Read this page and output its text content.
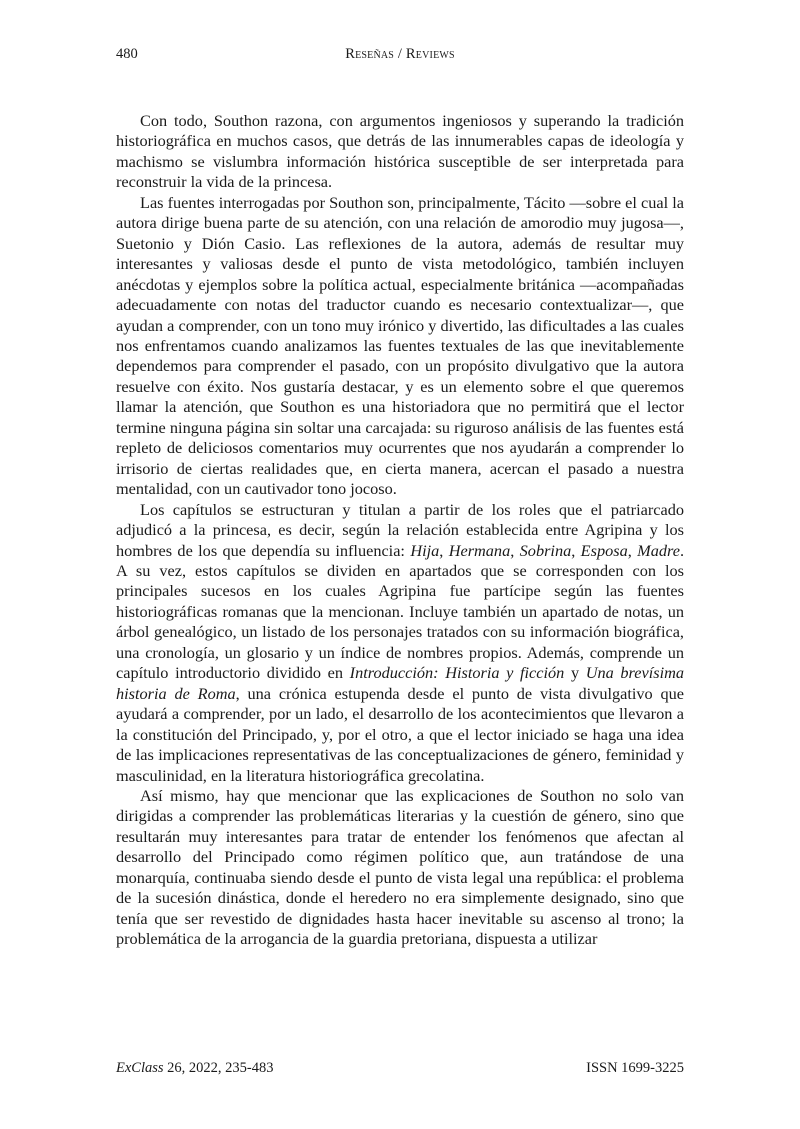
480	Reseñas / Reviews

Con todo, Southon razona, con argumentos ingeniosos y superando la tradición historiográfica en muchos casos, que detrás de las innumerables capas de ideología y machismo se vislumbra información histórica susceptible de ser interpretada para reconstruir la vida de la princesa.

Las fuentes interrogadas por Southon son, principalmente, Tácito —sobre el cual la autora dirige buena parte de su atención, con una relación de amorodio muy jugosa—, Suetonio y Dión Casio. Las reflexiones de la autora, además de resultar muy interesantes y valiosas desde el punto de vista metodológico, también incluyen anécdotas y ejemplos sobre la política actual, especialmente británica —acompañadas adecuadamente con notas del traductor cuando es necesario contextualizar—, que ayudan a comprender, con un tono muy irónico y divertido, las dificultades a las cuales nos enfrentamos cuando analizamos las fuentes textuales de las que inevitablemente dependemos para comprender el pasado, con un propósito divulgativo que la autora resuelve con éxito. Nos gustaría destacar, y es un elemento sobre el que queremos llamar la atención, que Southon es una historiadora que no permitirá que el lector termine ninguna página sin soltar una carcajada: su riguroso análisis de las fuentes está repleto de deliciosos comentarios muy ocurrentes que nos ayudarán a comprender lo irrisorio de ciertas realidades que, en cierta manera, acercan el pasado a nuestra mentalidad, con un cautivador tono jocoso.

Los capítulos se estructuran y titulan a partir de los roles que el patriarcado adjudicó a la princesa, es decir, según la relación establecida entre Agripina y los hombres de los que dependía su influencia: Hija, Hermana, Sobrina, Esposa, Madre. A su vez, estos capítulos se dividen en apartados que se corresponden con los principales sucesos en los cuales Agripina fue partícipe según las fuentes historiográficas romanas que la mencionan. Incluye también un apartado de notas, un árbol genealógico, un listado de los personajes tratados con su información biográfica, una cronología, un glosario y un índice de nombres propios. Además, comprende un capítulo introductorio dividido en Introducción: Historia y ficción y Una brevísima historia de Roma, una crónica estupenda desde el punto de vista divulgativo que ayudará a comprender, por un lado, el desarrollo de los acontecimientos que llevaron a la constitución del Principado, y, por el otro, a que el lector iniciado se haga una idea de las implicaciones representativas de las conceptualizaciones de género, feminidad y masculinidad, en la literatura historiográfica grecolatina.

Así mismo, hay que mencionar que las explicaciones de Southon no solo van dirigidas a comprender las problemáticas literarias y la cuestión de género, sino que resultarán muy interesantes para tratar de entender los fenómenos que afectan al desarrollo del Principado como régimen político que, aun tratándose de una monarquía, continuaba siendo desde el punto de vista legal una república: el problema de la sucesión dinástica, donde el heredero no era simplemente designado, sino que tenía que ser revestido de dignidades hasta hacer inevitable su ascenso al trono; la problemática de la arrogancia de la guardia pretoriana, dispuesta a utilizar

ExClass 26, 2022, 235-483	ISSN 1699-3225
